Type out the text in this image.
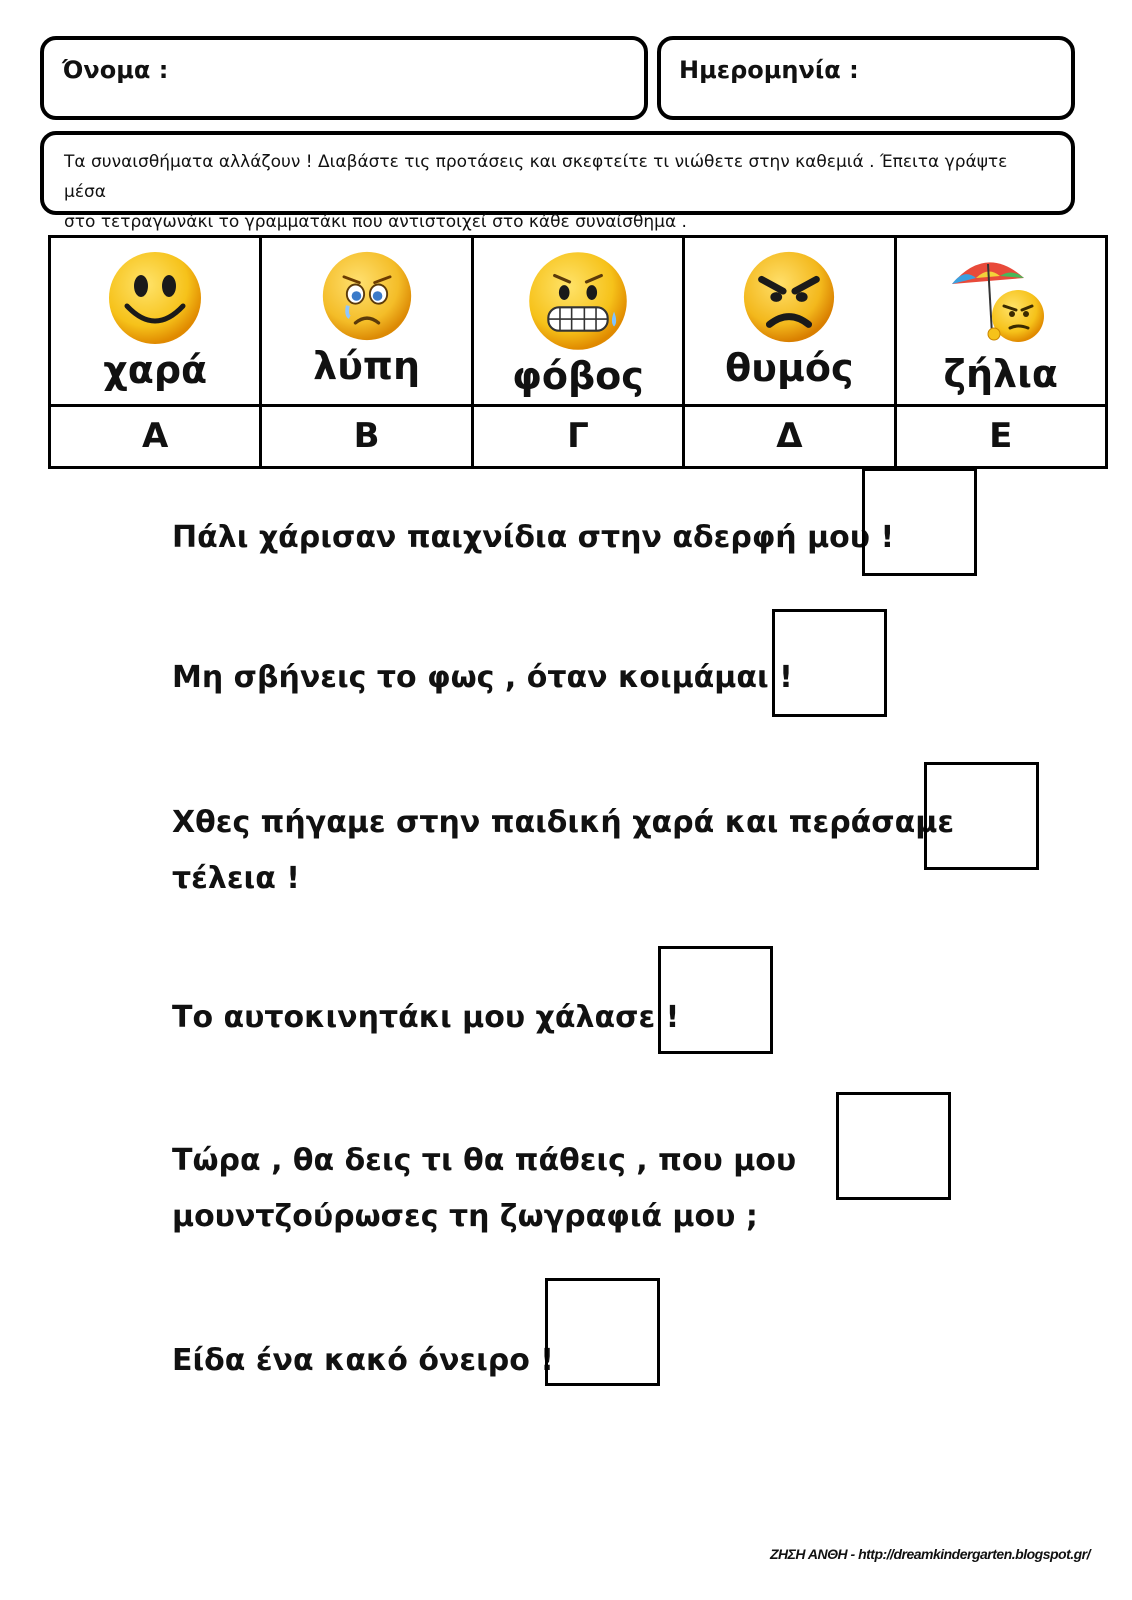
Όνομα :	Ημερομηνία :
Τα συναισθήματα αλλάζουν ! Διαβάστε τις προτάσεις και σκεφτείτε τι νιώθετε στην καθεμιά . Έπειτα γράψτε μέσα
στο τετραγωνάκι το γραμματάκι που αντιστοιχεί στο κάθε συναίσθημα .
χαρά	λύπη	φόβος	θυμός	ζήλια

Α	Β	Γ	Δ	Ε
Πάλι χάρισαν παιχνίδια στην αδερφή μου !
Μη σβήνεις το φως , όταν κοιμάμαι !
Χθες πήγαμε στην παιδική χαρά και περάσαμε
τέλεια !
Το αυτοκινητάκι μου χάλασε !
Τώρα , θα δεις τι θα πάθεις , που μου
μουντζούρωσες τη ζωγραφιά μου ;
Είδα ένα κακό όνειρο !
ΖΗΣΗ ΑΝΘΗ - http://dreamkindergarten.blogspot.gr/
